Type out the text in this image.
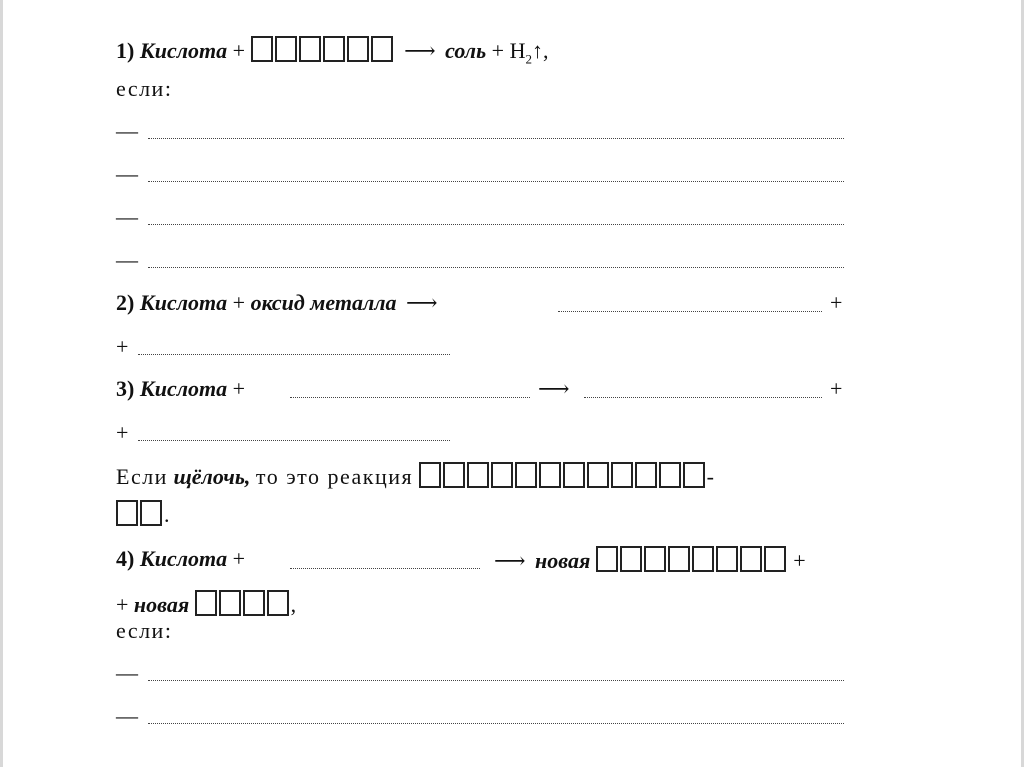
1) Кислота +	⟶ соль + $H_2↑$,
если:
—
—
—
—
2) Кислота + оксид металла ⟶	+
+
3) Кислота +	⟶	+
+
Если щёлочь, то это реакция	-
.
4) Кислота +	⟶ новая	+
+ новая	,
если:
—
—
